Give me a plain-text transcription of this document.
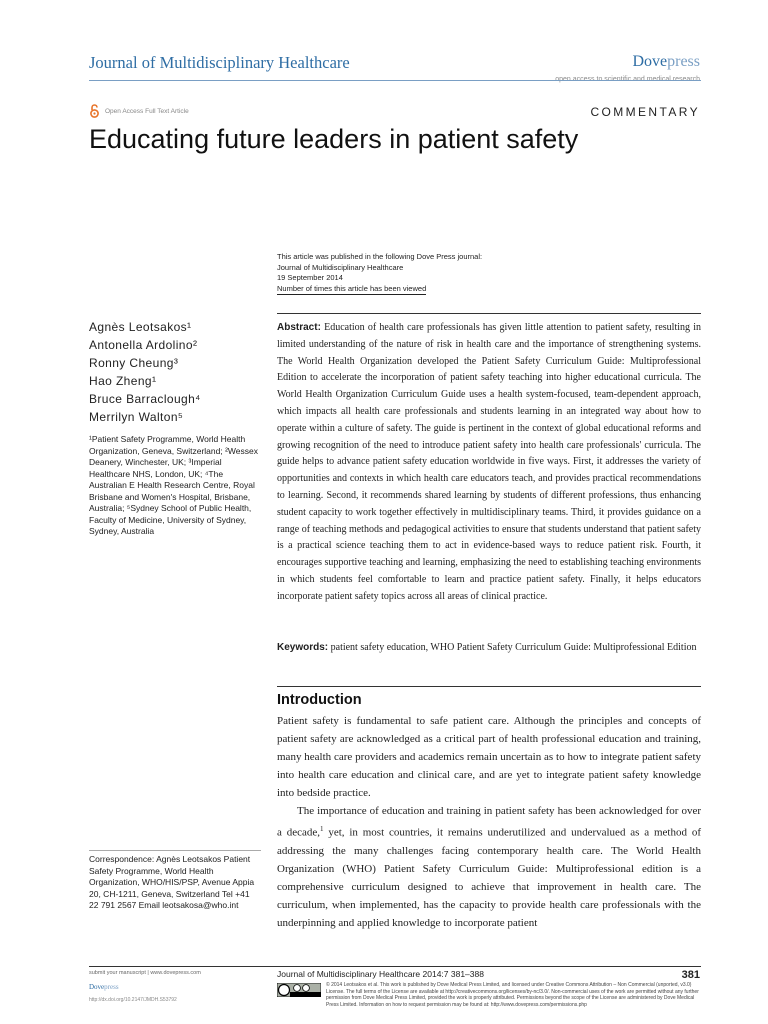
Journal of Multidisciplinary Healthcare	Dovepress
Open Access Full Text Article	COMMENTARY
Educating future leaders in patient safety
This article was published in the following Dove Press journal:
Journal of Multidisciplinary Healthcare
19 September 2014
Number of times this article has been viewed
Agnès Leotsakos¹
Antonella Ardolino²
Ronny Cheung³
Hao Zheng¹
Bruce Barraclough⁴
Merrilyn Walton⁵
¹Patient Safety Programme, World Health Organization, Geneva, Switzerland; ²Wessex Deanery, Winchester, UK; ³Imperial Healthcare NHS, London, UK; ⁴The Australian E Health Research Centre, Royal Brisbane and Women's Hospital, Brisbane, Australia; ⁵Sydney School of Public Health, Faculty of Medicine, University of Sydney, Sydney, Australia
Correspondence: Agnès Leotsakos Patient Safety Programme, World Health Organization, WHO/HIS/PSP, Avenue Appia 20, CH-1211, Geneva, Switzerland Tel +41 22 791 2567 Email leotsakosa@who.int
Abstract: Education of health care professionals has given little attention to patient safety, resulting in limited understanding of the nature of risk in health care and the importance of strengthening systems. The World Health Organization developed the Patient Safety Curriculum Guide: Multiprofessional Edition to accelerate the incorporation of patient safety teaching into higher educational curricula. The World Health Organization Curriculum Guide uses a health system-focused, team-dependent approach, which impacts all health care professionals and students learning in an integrated way about how to operate within a culture of safety. The guide is pertinent in the context of global educational reforms and growing recognition of the need to introduce patient safety into health care professionals' curricula. The guide helps to advance patient safety education worldwide in five ways. First, it addresses the variety of opportunities and contexts in which health care educators teach, and provides practical recommendations to learning. Second, it recommends shared learning by students of different professions, thus enhancing student capacity to work together effectively in multidisciplinary teams. Third, it provides guidance on a range of teaching methods and pedagogical activities to ensure that students understand that patient safety is a practical science teaching them to act in evidence-based ways to reduce patient risk. Fourth, it encourages supportive teaching and learning, emphasizing the need to establishing teaching environments in which students feel comfortable to learn and practice patient safety. Finally, it helps educators incorporate patient safety topics across all areas of clinical practice.
Keywords: patient safety education, WHO Patient Safety Curriculum Guide: Multiprofessional Edition
Introduction

Patient safety is fundamental to safe patient care. Although the principles and concepts of patient safety are acknowledged as a critical part of health professional education and training, many health care providers and academics remain uncertain as to how to integrate patient safety into health care education and clinical care, and are yet to integrate patient safety knowledge into bedside practice.

The importance of education and training in patient safety has been acknowledged for over a decade,$^1$ yet, in most countries, it remains underutilized and undervalued as a method of addressing the many challenges facing contemporary health care. The World Health Organization (WHO) Patient Safety Curriculum Guide: Multiprofessional edition is a comprehensive curriculum designed to achieve that improvement in health care. The curriculum, when implemented, has the capacity to provide health care professionals with the underpinning and applied knowledge to incorporate patient

submit your manuscript | www.dovepress.com
Dovepress
http://dx.doi.org/10.2147/JMDH.S53792
Journal of Multidisciplinary Healthcare 2014:7 381–388	381
© 2014 Leotsakos et al. This work is published by Dove Medical Press Limited, and licensed under Creative Commons Attribution – Non Commercial (unported, v3.0) License. The full terms of the License are available at http://creativecommons.org/licenses/by-nc/3.0/. Non-commercial uses of the work are permitted without any further permission from Dove Medical Press Limited, provided the work is properly attributed. Permissions beyond the scope of the License are administered by Dove Medical Press Limited. Information on how to request permission may be found at: http://www.dovepress.com/permissions.php
